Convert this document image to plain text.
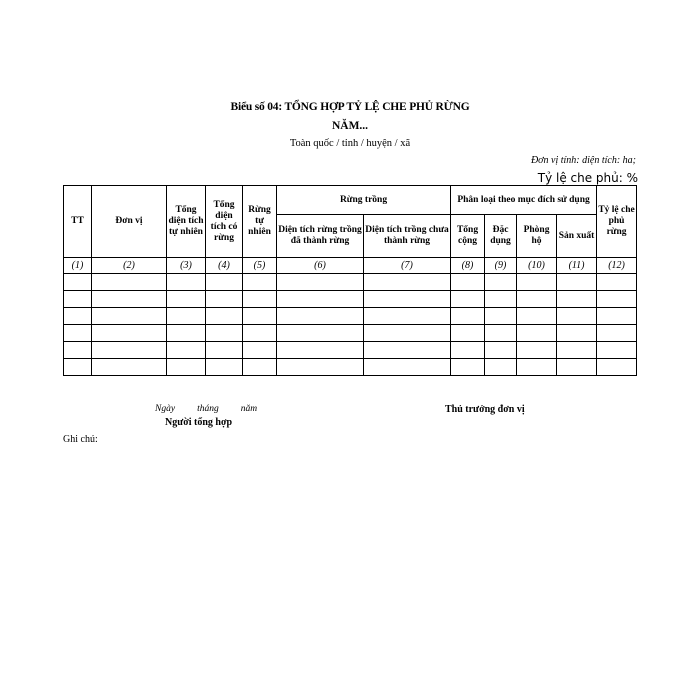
Biểu số 04: TỔNG HỢP TỶ LỆ CHE PHỦ RỪNG
NĂM...
Toàn quốc / tỉnh / huyện / xã
Đơn vị tính: diện tích: ha;
Tỷ lệ che phủ: %
TT	Đơn vị	Tổng diện tích tự nhiên	Tổng diện tích có rừng	Rừng tự nhiên	Rừng trồng		Phân loại theo mục đích sử dụng				Tỷ lệ che phủ rừng
					Diện tích rừng trồng đã thành rừng	Diện tích trồng chưa thành rừng	Tổng cộng	Đặc dụng	Phòng hộ	Sản xuất	
(1)	(2)	(3)	(4)	(5)	(6)	(7)	(8)	(9)	(10)	(11)	(12)

Ngày tháng năm
Người tổng hợp
Thủ trưởng đơn vị
Ghi chú:
